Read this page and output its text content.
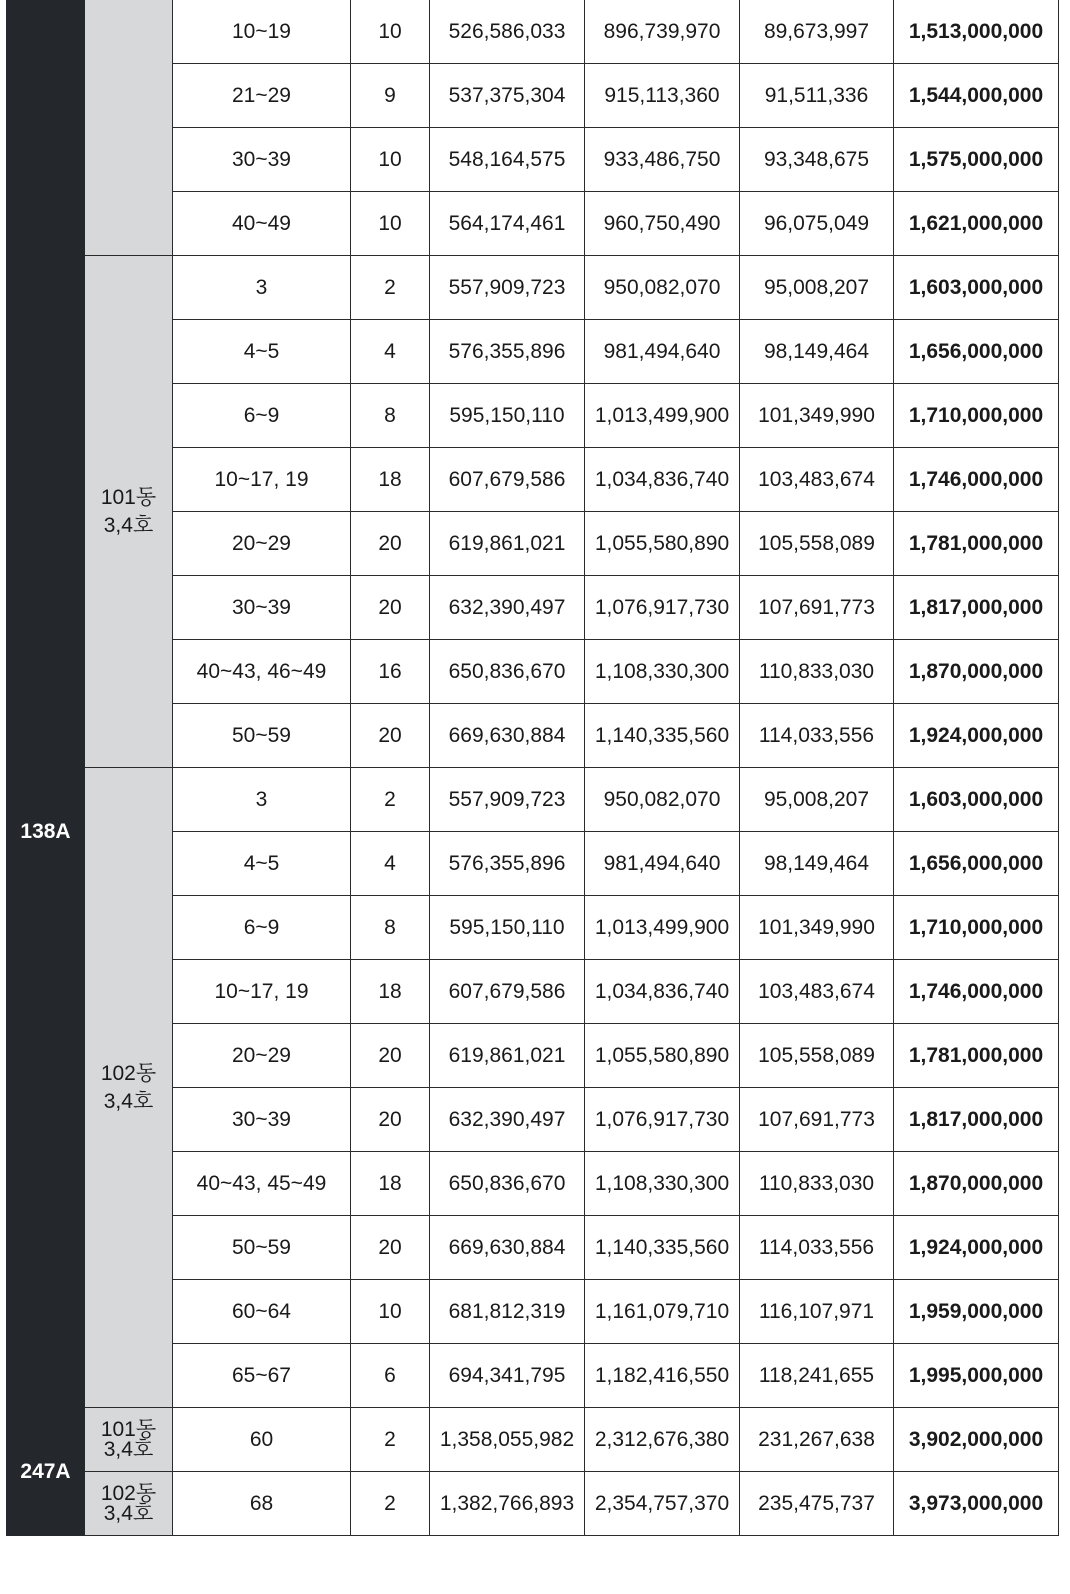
		10~19	10	526,586,033	896,739,970	89,673,997	1,513,000,000
		21~29	9	537,375,304	915,113,360	91,511,336	1,544,000,000
		30~39	10	548,164,575	933,486,750	93,348,675	1,575,000,000
		40~49	10	564,174,461	960,750,490	96,075,049	1,621,000,000
138A	101동 3,4호	3	2	557,909,723	950,082,070	95,008,207	1,603,000,000
		4~5	4	576,355,896	981,494,640	98,149,464	1,656,000,000
		6~9	8	595,150,110	1,013,499,900	101,349,990	1,710,000,000
		10~17, 19	18	607,679,586	1,034,836,740	103,483,674	1,746,000,000
		20~29	20	619,861,021	1,055,580,890	105,558,089	1,781,000,000
		30~39	20	632,390,497	1,076,917,730	107,691,773	1,817,000,000
		40~43, 46~49	16	650,836,670	1,108,330,300	110,833,030	1,870,000,000
		50~59	20	669,630,884	1,140,335,560	114,033,556	1,924,000,000
	102동 3,4호	3	2	557,909,723	950,082,070	95,008,207	1,603,000,000
		4~5	4	576,355,896	981,494,640	98,149,464	1,656,000,000
		6~9	8	595,150,110	1,013,499,900	101,349,990	1,710,000,000
		10~17, 19	18	607,679,586	1,034,836,740	103,483,674	1,746,000,000
		20~29	20	619,861,021	1,055,580,890	105,558,089	1,781,000,000
		30~39	20	632,390,497	1,076,917,730	107,691,773	1,817,000,000
		40~43, 45~49	18	650,836,670	1,108,330,300	110,833,030	1,870,000,000
		50~59	20	669,630,884	1,140,335,560	114,033,556	1,924,000,000
		60~64	10	681,812,319	1,161,079,710	116,107,971	1,959,000,000
		65~67	6	694,341,795	1,182,416,550	118,241,655	1,995,000,000
247A	101동 3,4호	60	2	1,358,055,982	2,312,676,380	231,267,638	3,902,000,000
	102동 3,4호	68	2	1,382,766,893	2,354,757,370	235,475,737	3,973,000,000
